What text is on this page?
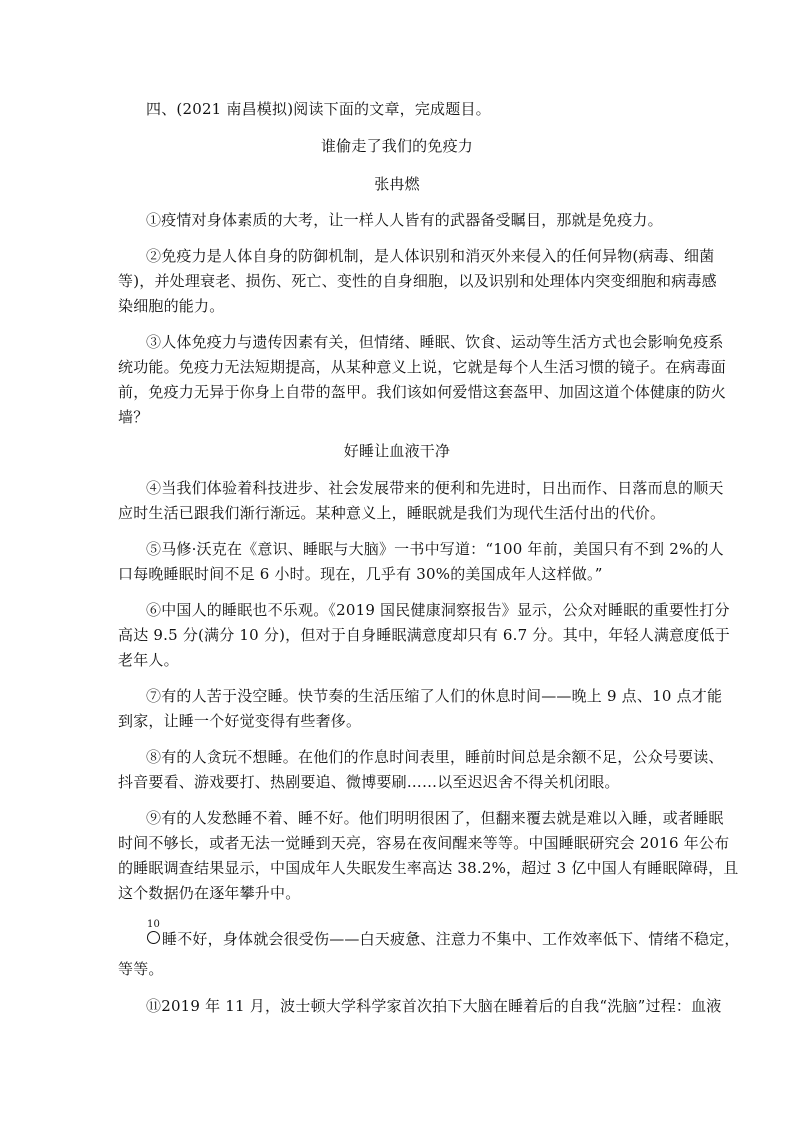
四、(2021 南昌模拟)阅读下面的文章，完成题目。
谁偷走了我们的免疫力
张冉燃
①疫情对身体素质的大考，让一样人人皆有的武器备受瞩目，那就是免疫力。
②免疫力是人体自身的防御机制，是人体识别和消灭外来侵入的任何异物(病毒、细菌
等)，并处理衰老、损伤、死亡、变性的自身细胞，以及识别和处理体内突变细胞和病毒感
染细胞的能力。
③人体免疫力与遗传因素有关，但情绪、睡眠、饮食、运动等生活方式也会影响免疫系
统功能。免疫力无法短期提高，从某种意义上说，它就是每个人生活习惯的镜子。在病毒面
前，免疫力无异于你身上自带的盔甲。我们该如何爱惜这套盔甲、加固这道个体健康的防火
墙？
好睡让血液干净
④当我们体验着科技进步、社会发展带来的便利和先进时，日出而作、日落而息的顺天
应时生活已跟我们渐行渐远。某种意义上，睡眠就是我们为现代生活付出的代价。
⑤马修·沃克在《意识、睡眠与大脑》一书中写道：“100 年前，美国只有不到 2%的人
口每晚睡眠时间不足 6 小时。现在，几乎有 30%的美国成年人这样做。”
⑥中国人的睡眠也不乐观。《2019 国民健康洞察报告》显示，公众对睡眠的重要性打分
高达 9.5 分(满分 10 分)，但对于自身睡眠满意度却只有 6.7 分。其中，年轻人满意度低于
老年人。
⑦有的人苦于没空睡。快节奏的生活压缩了人们的休息时间——晚上 9 点、10 点才能
到家，让睡一个好觉变得有些奢侈。
⑧有的人贪玩不想睡。在他们的作息时间表里，睡前时间总是余额不足，公众号要读、
抖音要看、游戏要打、热剧要追、微博要刷……以至迟迟舍不得关机闭眼。
⑨有的人发愁睡不着、睡不好。他们明明很困了，但翻来覆去就是难以入睡，或者睡眠
时间不够长，或者无法一觉睡到天亮，容易在夜间醒来等等。中国睡眠研究会 2016 年公布
的睡眠调查结果显示，中国成年人失眠发生率高达 38.2%，超过 3 亿中国人有睡眠障碍，且
这个数据仍在逐年攀升中。
10
睡不好，身体就会很受伤——白天疲惫、注意力不集中、工作效率低下、情绪不稳定，
等等。
⑪2019 年 11 月，波士顿大学科学家首次拍下大脑在睡着后的自我“洗脑”过程：血液
